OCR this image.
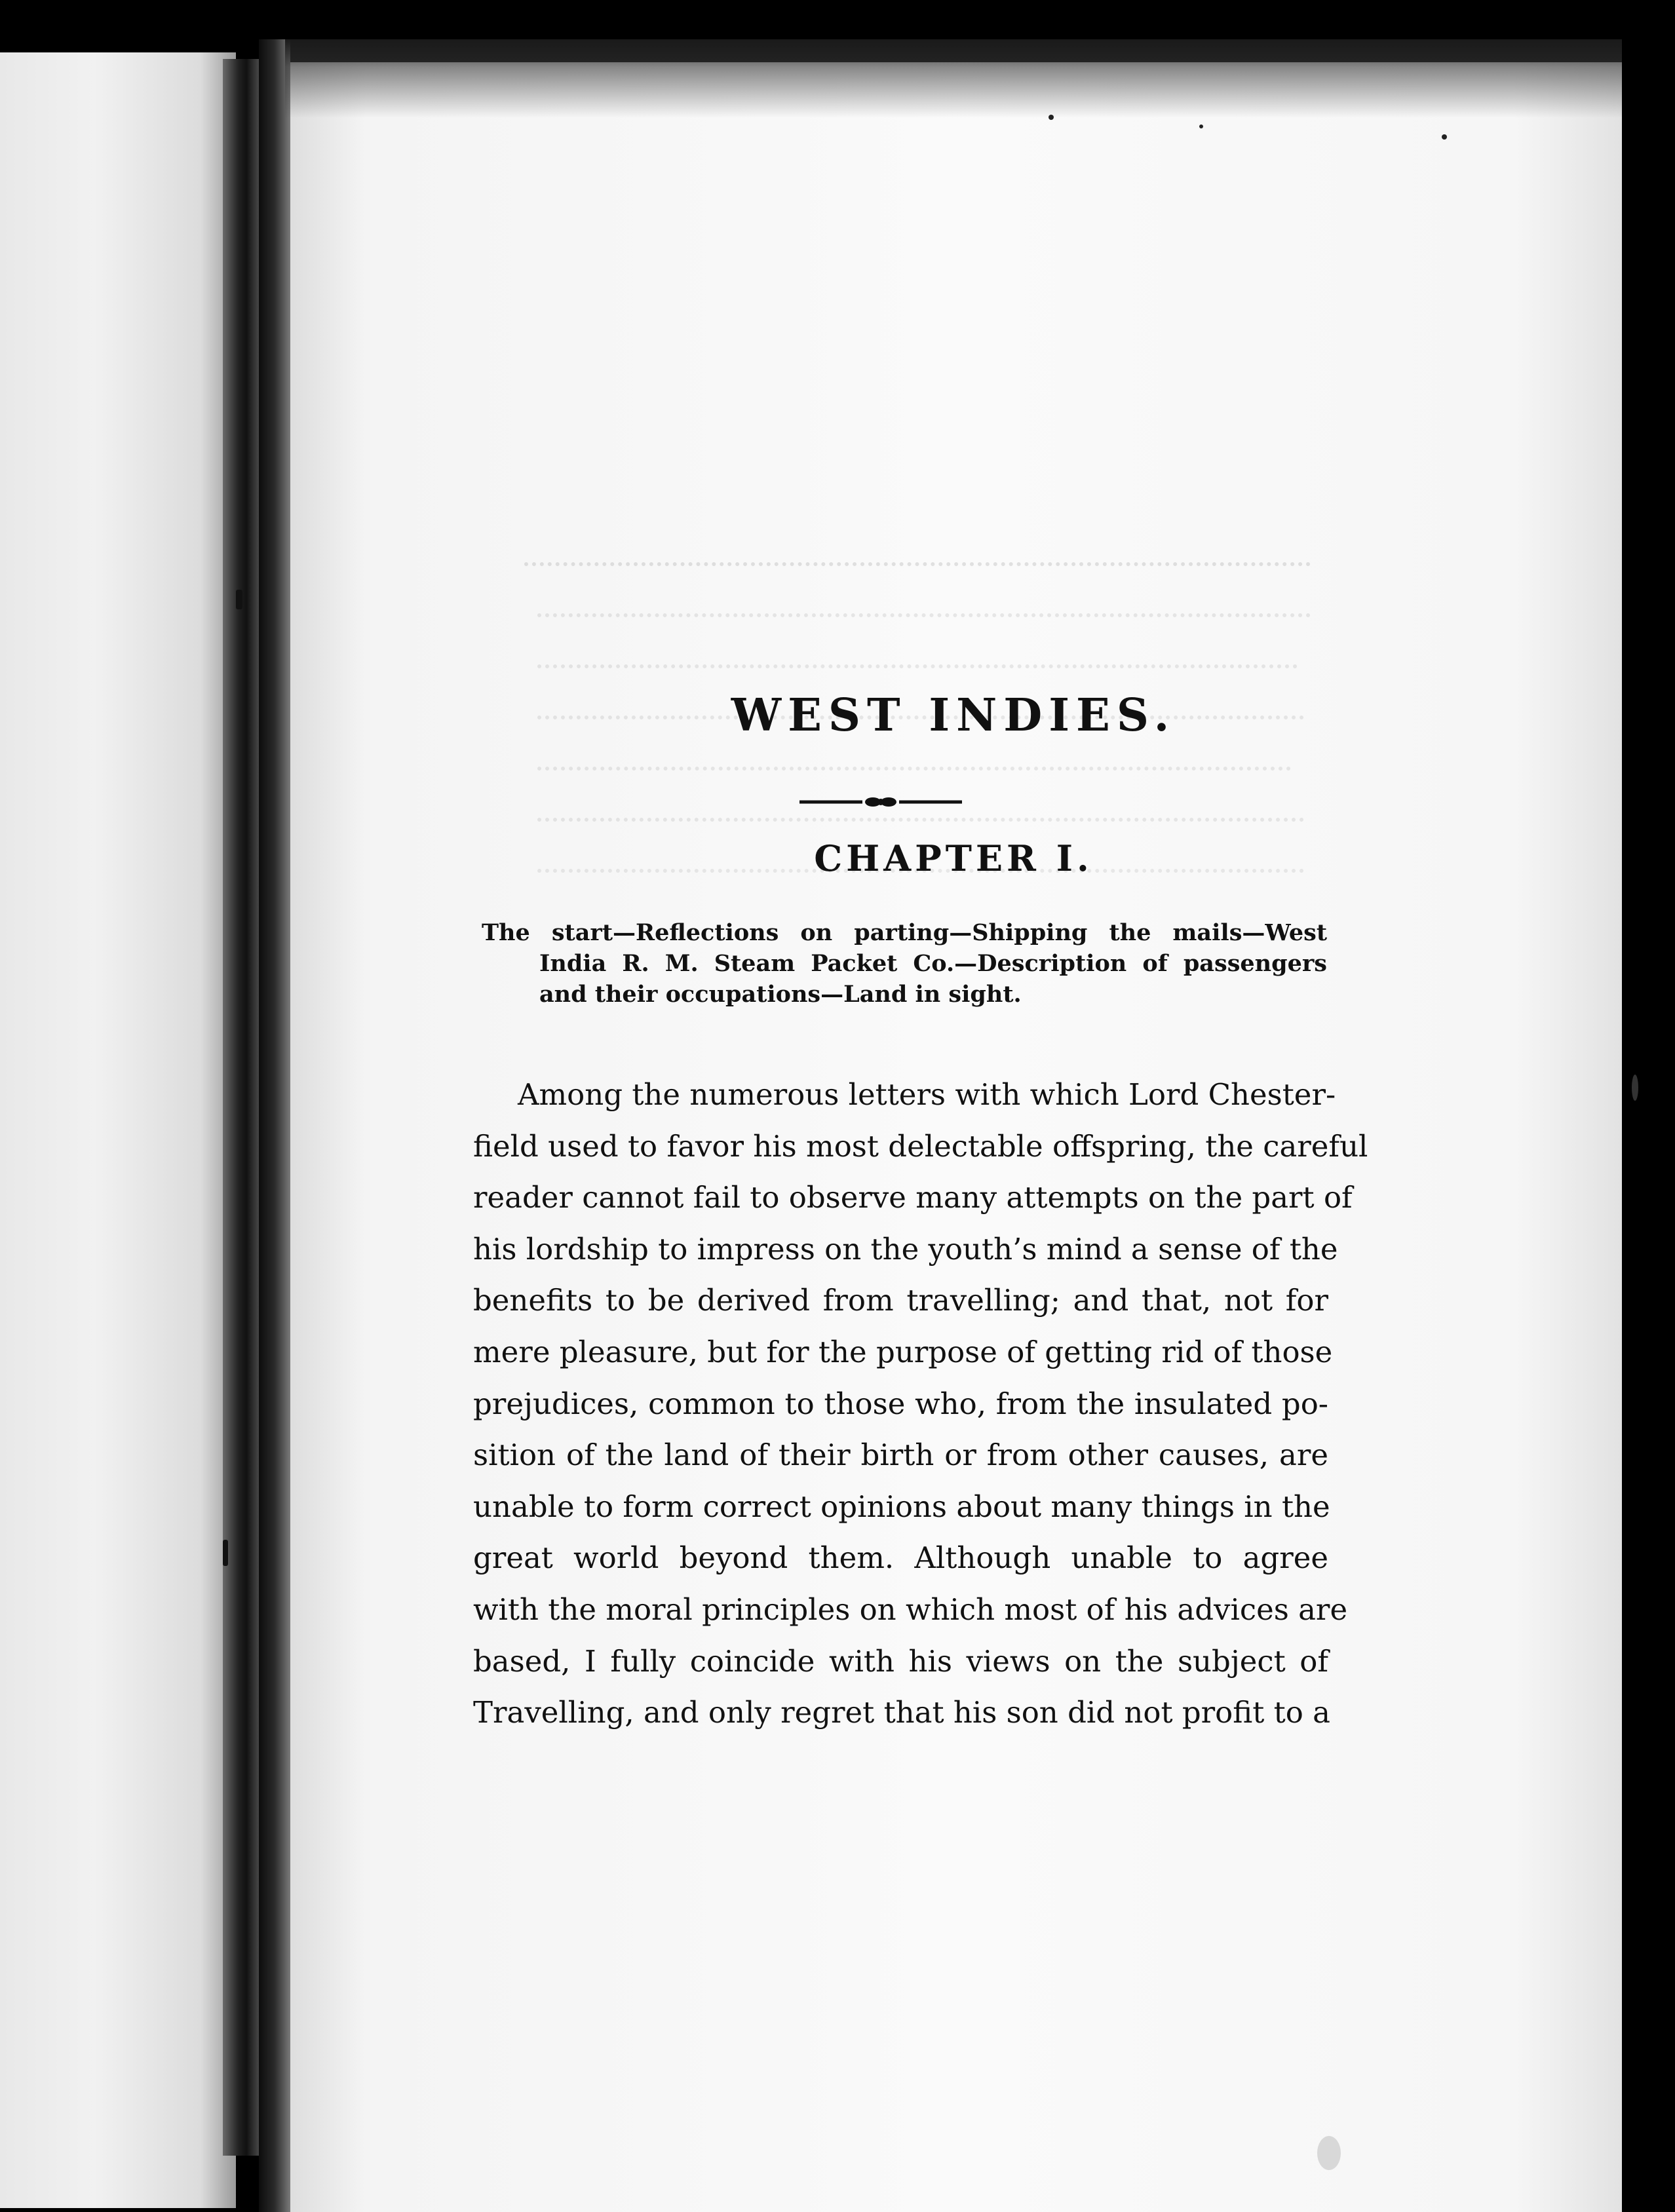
WEST INDIES.
CHAPTER I.
The start—Reflections on parting—Shipping the mails—West
India R. M. Steam Packet Co.—Description of passengers
and their occupations—Land in sight.
Among the numerous letters with which Lord Chester-
field used to favor his most delectable offspring, the careful
reader cannot fail to observe many attempts on the part of
his lordship to impress on the youth’s mind a sense of the
benefits to be derived from travelling; and that, not for
mere pleasure, but for the purpose of getting rid of those
prejudices, common to those who, from the insulated po-
sition of the land of their birth or from other causes, are
unable to form correct opinions about many things in the
great world beyond them. Although unable to agree
with the moral principles on which most of his advices are
based, I fully coincide with his views on the subject of
Travelling, and only regret that his son did not profit to a
